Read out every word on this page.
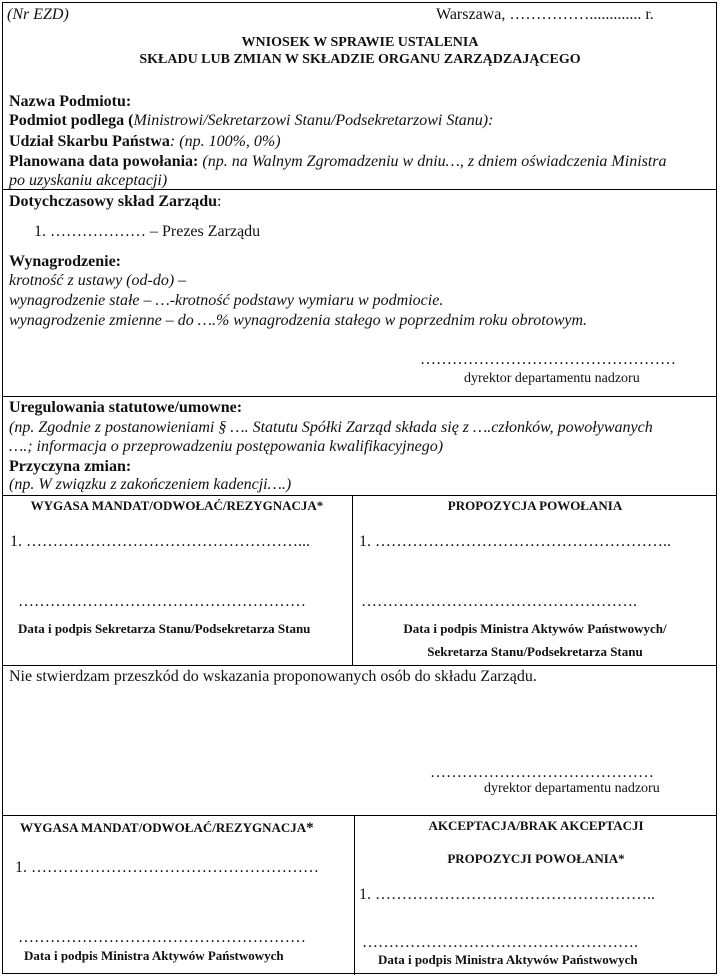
(Nr EZD)	Warszawa, ……………............. r.
WNIOSEK W SPRAWIE USTALENIA
SKŁADU LUB ZMIAN W SKŁADZIE ORGANU ZARZĄDZAJĄCEGO
Nazwa Podmiotu:
Podmiot podlega (Ministrowi/Sekretarzowi Stanu/Podsekretarzowi Stanu):
Udział Skarbu Państwa: (np. 100%, 0%)
Planowana data powołania: (np. na Walnym Zgromadzeniu w dniu…, z dniem oświadczenia Ministra
po uzyskaniu akceptacji)
Dotychczasowy skład Zarządu:
1. ……………… – Prezes Zarządu
Wynagrodzenie:
krotność z ustawy (od-do) –
wynagrodzenie stałe – …-krotność podstawy wymiaru w podmiocie.
wynagrodzenie zmienne – do ….% wynagrodzenia stałego w poprzednim roku obrotowym.
…………………………………………
dyrektor departamentu nadzoru
Uregulowania statutowe/umowne:
(np. Zgodnie z postanowieniami § …. Statutu Spółki Zarząd składa się z ….członków, powoływanych
….; informacja o przeprowadzeniu postępowania kwalifikacyjnego)
Przyczyna zmian:
(np. W związku z zakończeniem kadencji….)
WYGASA MANDAT/ODWOŁAĆ/REZYGNACJA*
1. ……………………………………………...
………………………………………………
Data i podpis Sekretarza Stanu/Podsekretarza Stanu
PROPOZYCJA POWOŁANIA
1. ………………………………………………..
…………………………………………….
Data i podpis Ministra Aktywów Państwowych/
Sekretarza Stanu/Podsekretarza Stanu
Nie stwierdzam przeszkód do wskazania proponowanych osób do składu Zarządu.
……………………………………
dyrektor departamentu nadzoru
WYGASA MANDAT/ODWOŁAĆ/REZYGNACJA*
1. ………………………………………………
………………………………………………
Data i podpis Ministra Aktywów Państwowych
AKCEPTACJA/BRAK AKCEPTACJI
PROPOZYCJI POWOŁANIA*
1. ……………………………………………..
…………………………………………….
Data i podpis Ministra Aktywów Państwowych
